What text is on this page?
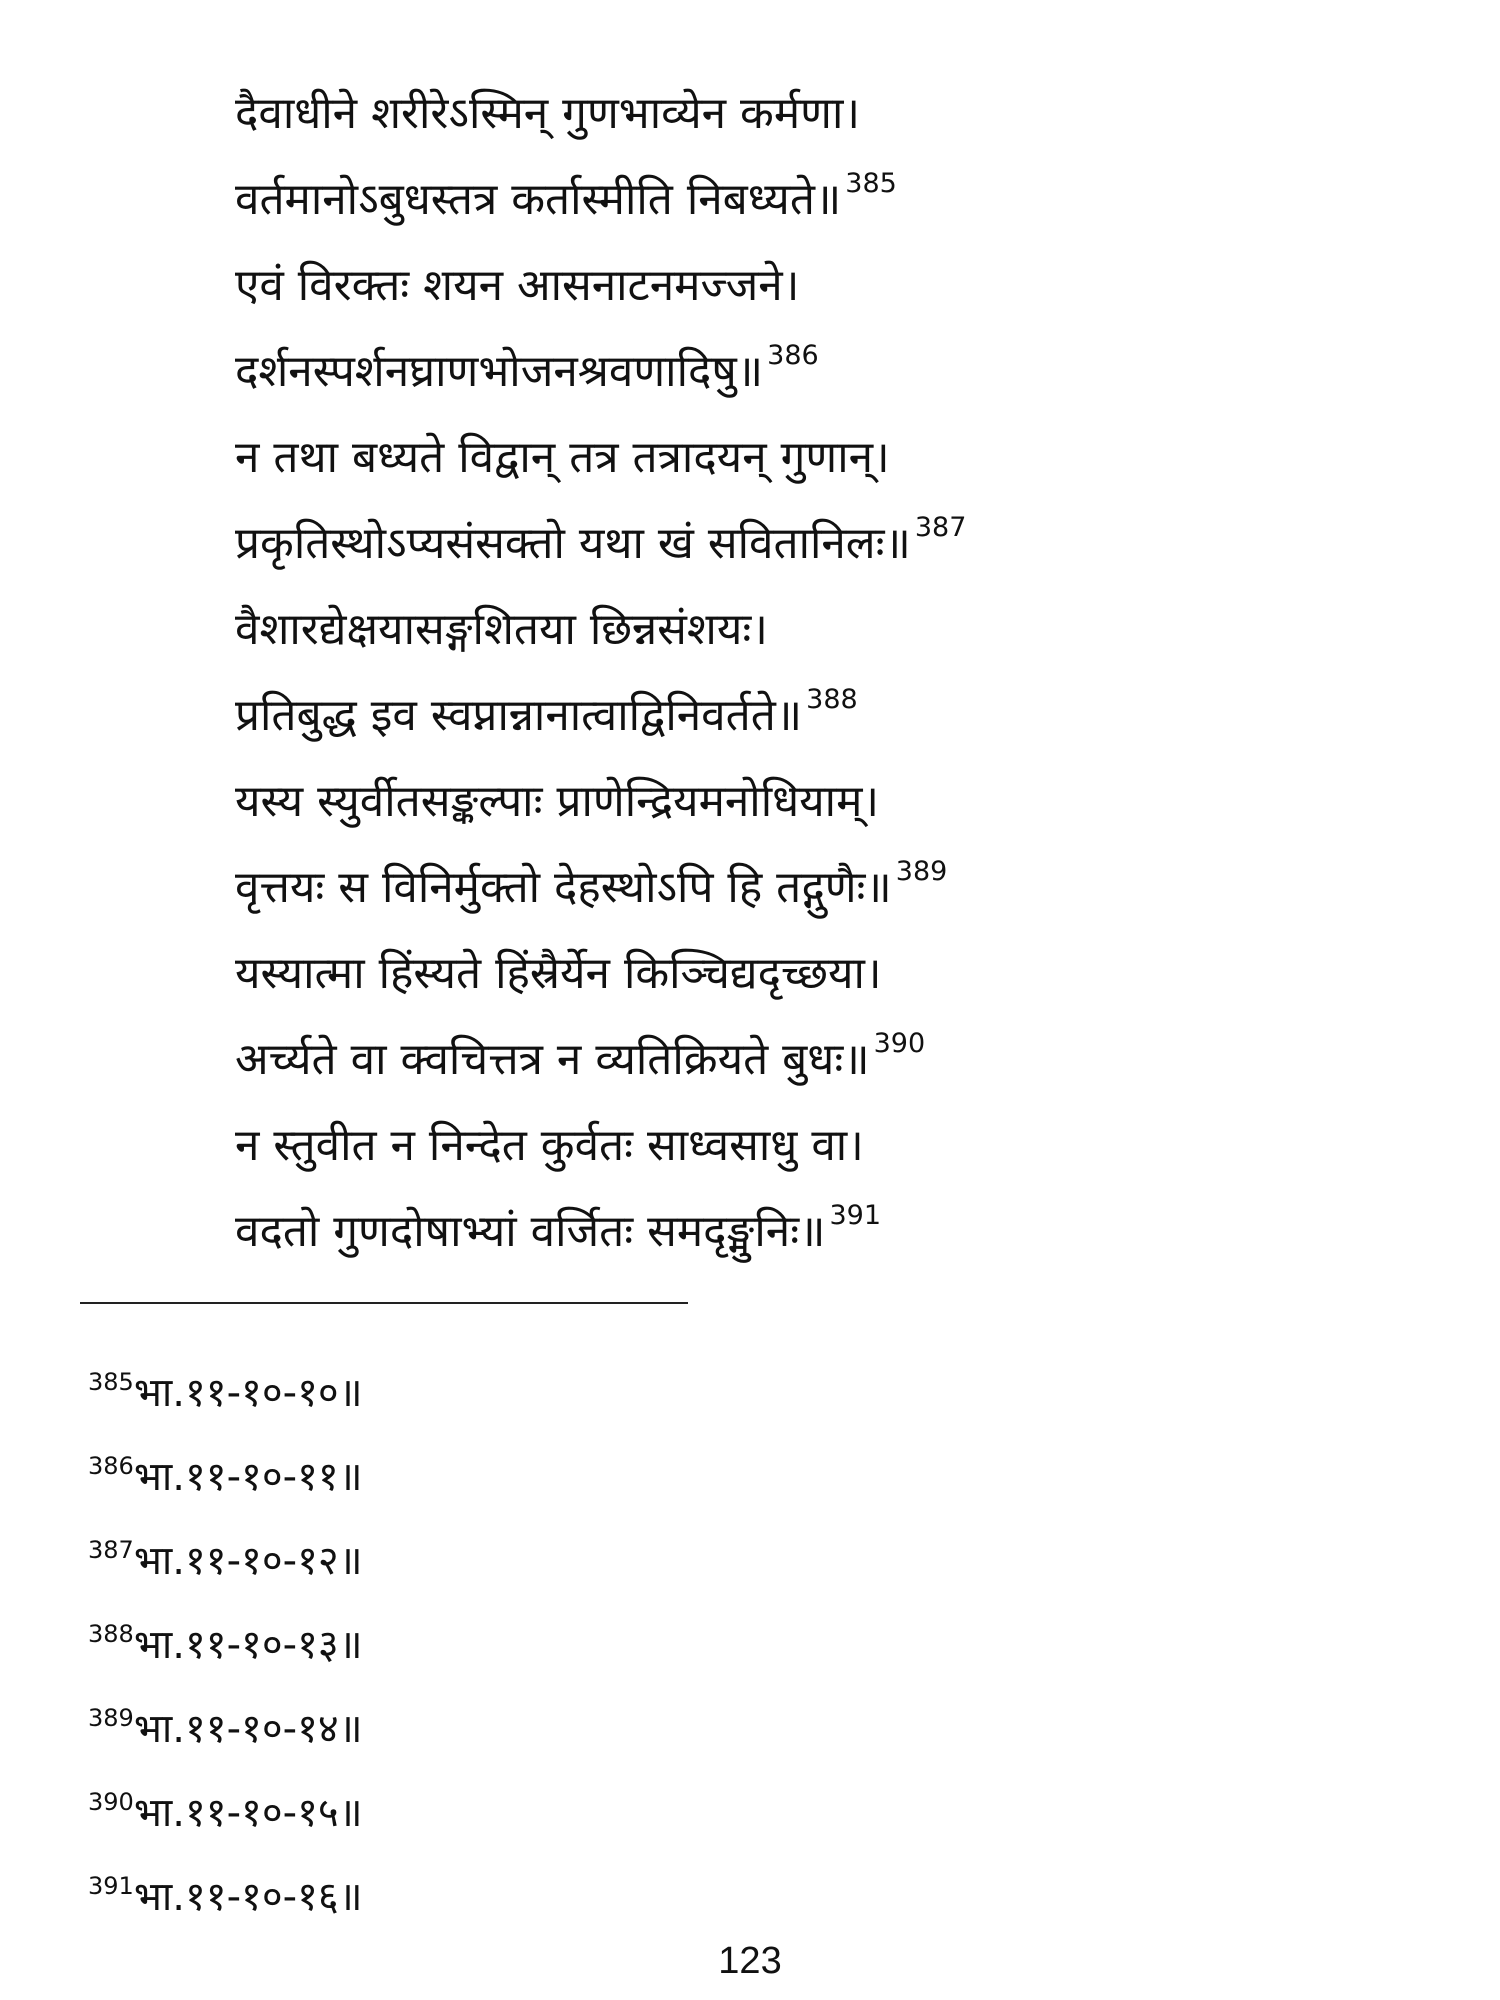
दैवाधीने शरीरेऽस्मिन् गुणभाव्येन कर्मणा।
वर्तमानोऽबुधस्तत्र कर्तास्मीति निबध्यते॥ $^{385}$
एवं विरक्तः शयन आसनाटनमज्जने।
दर्शनस्पर्शनघ्राणभोजनश्रवणादिषु॥ $^{386}$
न तथा बध्यते विद्वान् तत्र तत्रादयन् गुणान्।
प्रकृतिस्थोऽप्यसंसक्तो यथा खं सवितानिलः॥ $^{387}$
वैशारद्येक्षयासङ्गशितया छिन्नसंशयः।
प्रतिबुद्ध इव स्वप्नान्नानात्वाद्विनिवर्तते॥ $^{388}$
यस्य स्युर्वीतसङ्कल्पाः प्राणेन्द्रियमनोधियाम्।
वृत्तयः स विनिर्मुक्तो देहस्थोऽपि हि तद्गुणैः॥ $^{389}$
यस्यात्मा हिंस्यते हिंस्रैर्येन किञ्चिद्यदृच्छया।
अर्च्यते वा क्वचित्तत्र न व्यतिक्रियते बुधः॥ $^{390}$
न स्तुवीत न निन्देत कुर्वतः साध्वसाधु वा।
वदतो गुणदोषाभ्यां वर्जितः समदृङ्मुनिः॥ $^{391}$
$^{385}$भा.११-१०-१०॥
$^{386}$भा.११-१०-११॥
$^{387}$भा.११-१०-१२॥
$^{388}$भा.११-१०-१३॥
$^{389}$भा.११-१०-१४॥
$^{390}$भा.११-१०-१५॥
$^{391}$भा.११-१०-१६॥
123
